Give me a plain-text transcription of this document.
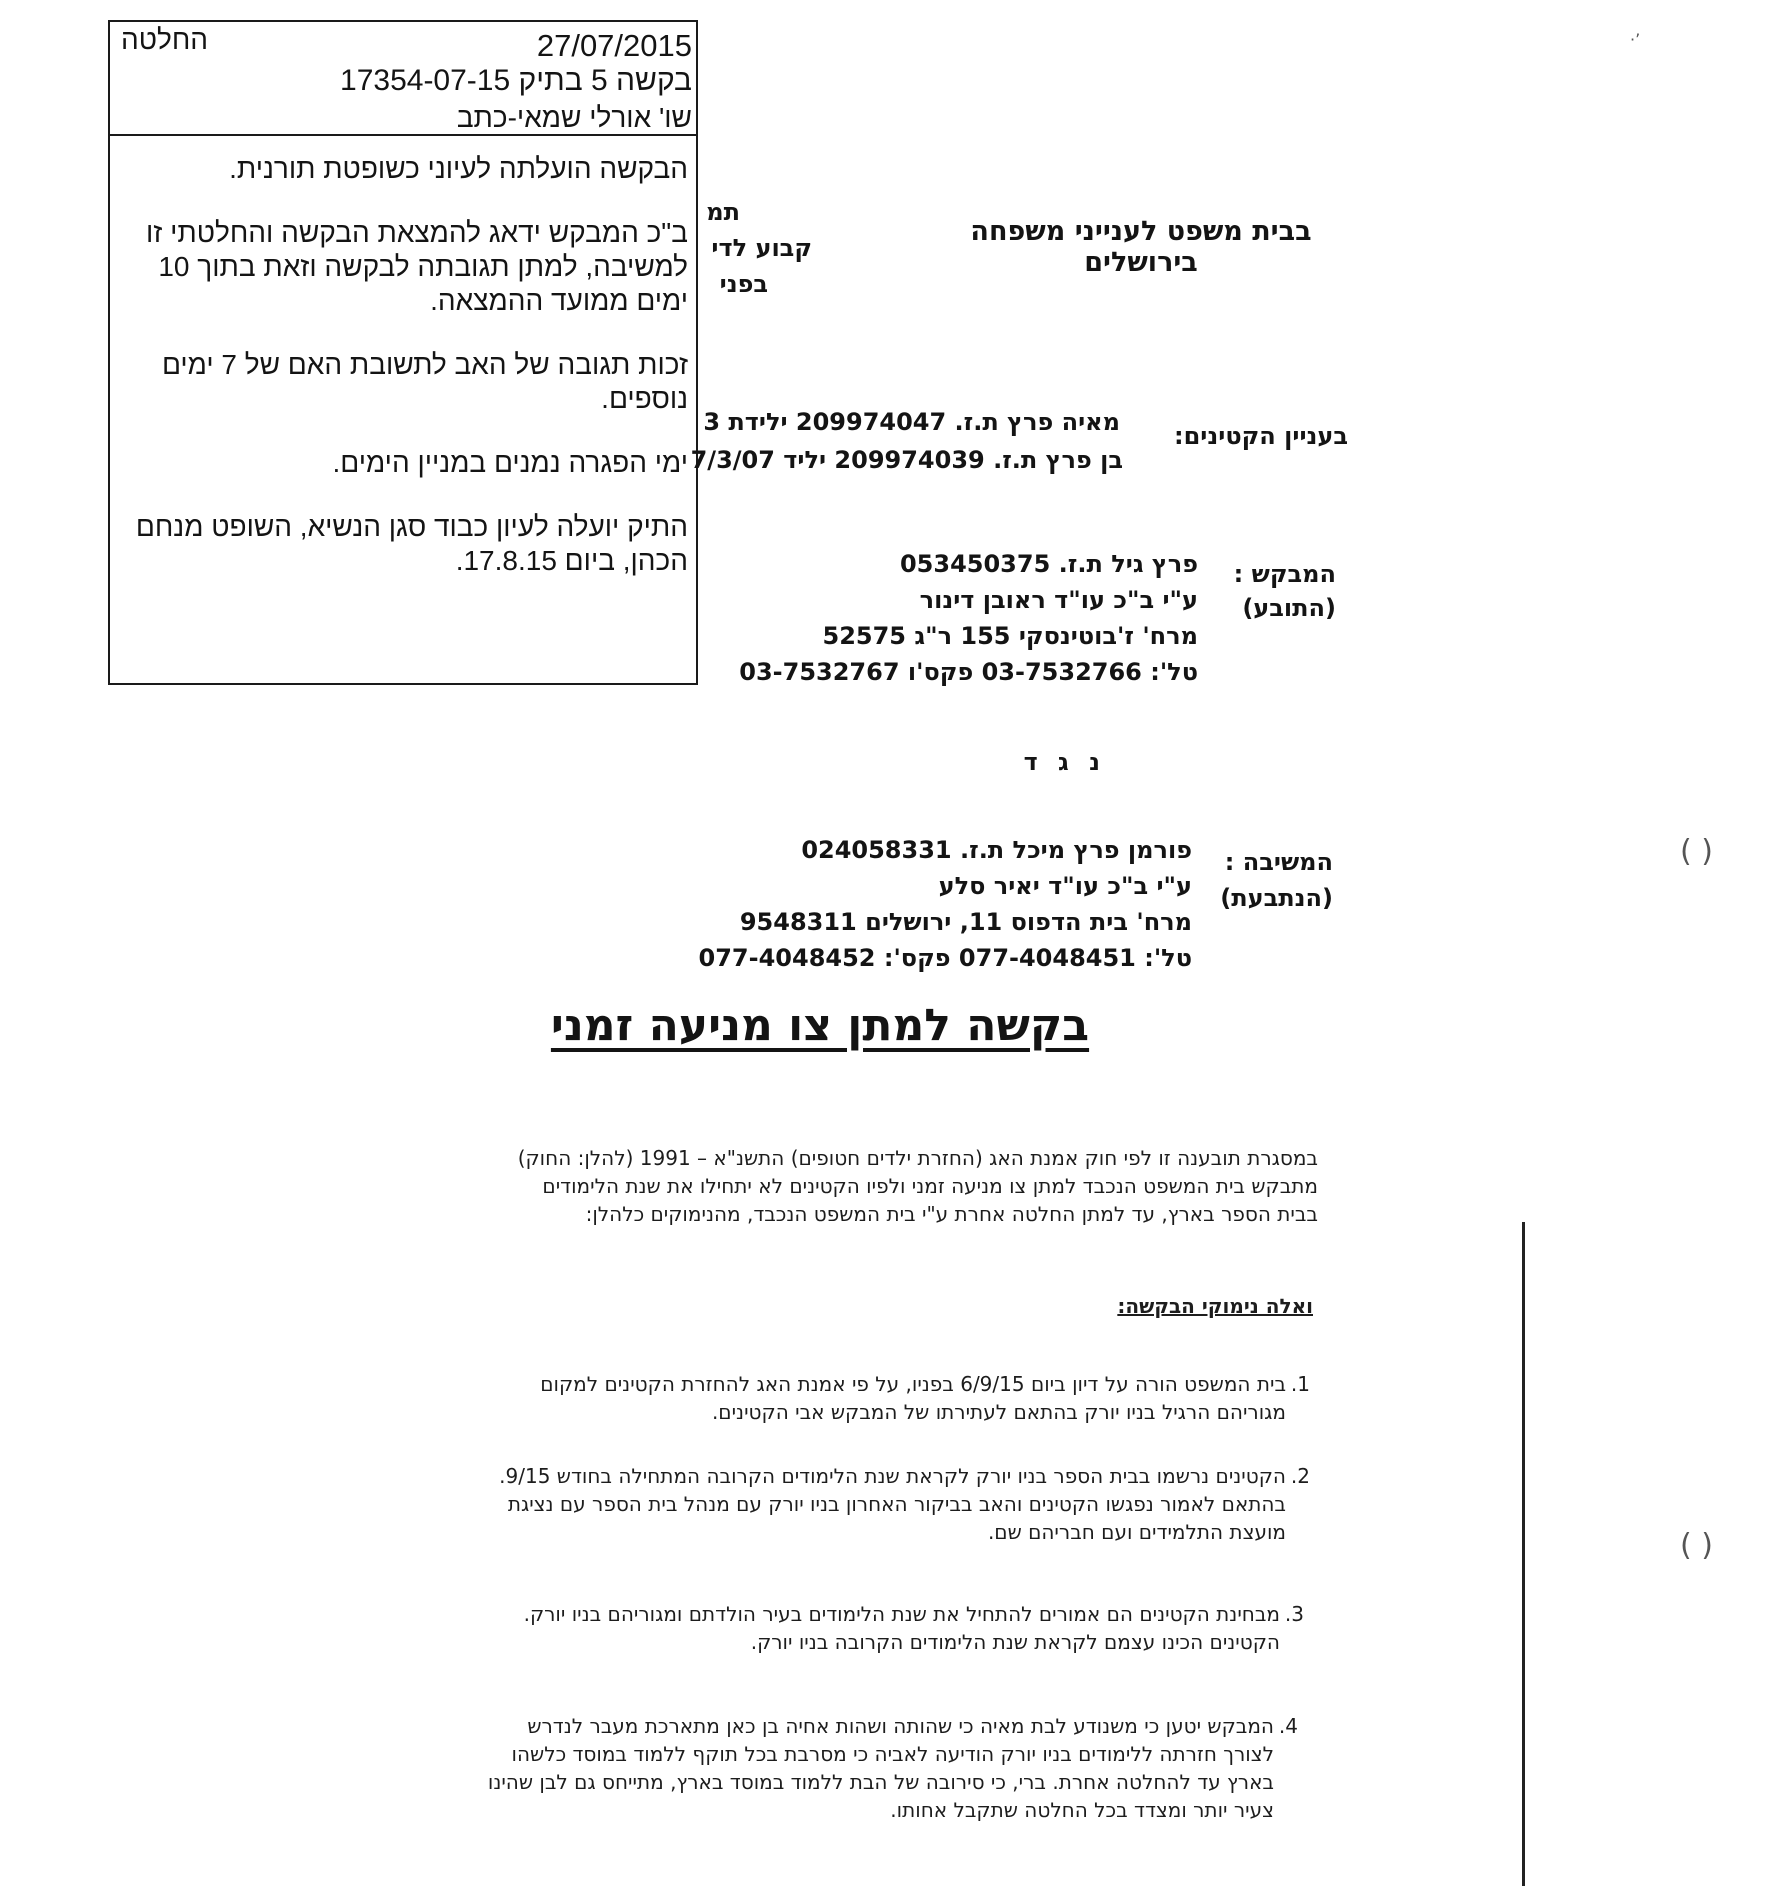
החלטה	27/07/2015
בקשה 5 בתיק 17354-07-15
שו' אורלי שמאי-כתב

הבקשה הועלתה לעיוני כשופטת תורנית.

ב"כ המבקש ידאג להמצאת הבקשה והחלטתי זו למשיבה, למתן תגובתה לבקשה וזאת בתוך 10 ימים ממועד ההמצאה.

זכות תגובה של האב לתשובת האם של 7 ימים נוספים.

ימי הפגרה נמנים במניין הימים.

התיק יועלה לעיון כבוד סגן הנשיא, השופט מנחם הכהן, ביום 17.8.15.

תמ
קבוע לדי
בפני
בבית משפט לענייני משפחה
בירושלים
בעניין הקטינים:
מאיה פרץ ת.ז. 209974047 ילידת 3
בן פרץ ת.ז. 209974039 יליד 7/3/07
המבקש :
(התובע)
פרץ גיל ת.ז. 053450375
ע"י ב"כ עו"ד ראובן דינור
מרח' ז'בוטינסקי 155 ר"ג 52575
טל': 03-7532766 פקס'ו 03-7532767
נ ג ד
המשיבה :
(הנתבעת)
פורמן פרץ מיכל ת.ז. 024058331
ע"י ב"כ עו"ד יאיר סלע
מרח' בית הדפוס 11, ירושלים 9548311
טל': 077-4048451 פקס': 077-4048452
בקשה למתן צו מניעה זמני
במסגרת תובענה זו לפי חוק אמנת האג (החזרת ילדים חטופים) התשנ"א – 1991 (להלן: החוק)
מתבקש בית המשפט הנכבד למתן צו מניעה זמני ולפיו הקטינים לא יתחילו את שנת הלימודים
בבית הספר בארץ, עד למתן החלטה אחרת ע"י בית המשפט הנכבד, מהנימוקים כלהלן:
ואלה נימוקי הבקשה:
1.
בית המשפט הורה על דיון ביום 6/9/15 בפניו, על פי אמנת האג להחזרת הקטינים למקום
מגוריהם הרגיל בניו יורק בהתאם לעתירתו של המבקש אבי הקטינים.
2.
הקטינים נרשמו בבית הספר בניו יורק לקראת שנת הלימודים הקרובה המתחילה בחודש 9/15.
בהתאם לאמור נפגשו הקטינים והאב בביקור האחרון בניו יורק עם מנהל בית הספר עם נציגת
מועצת התלמידים ועם חבריהם שם.
3.
מבחינת הקטינים הם אמורים להתחיל את שנת הלימודים בעיר הולדתם ומגוריהם בניו יורק.
הקטינים הכינו עצמם לקראת שנת הלימודים הקרובה בניו יורק.
4.
המבקש יטען כי משנודע לבת מאיה כי שהותה ושהות אחיה בן כאן מתארכת מעבר לנדרש
לצורך חזרתה ללימודים בניו יורק הודיעה לאביה כי מסרבת בכל תוקף ללמוד במוסד כלשהו
בארץ עד להחלטה אחרת. ברי, כי סירובה של הבת ללמוד במוסד בארץ, מתייחס גם לבן שהינו
צעיר יותר ומצדד בכל החלטה שתקבל אחותו.
’·
( )
( )
